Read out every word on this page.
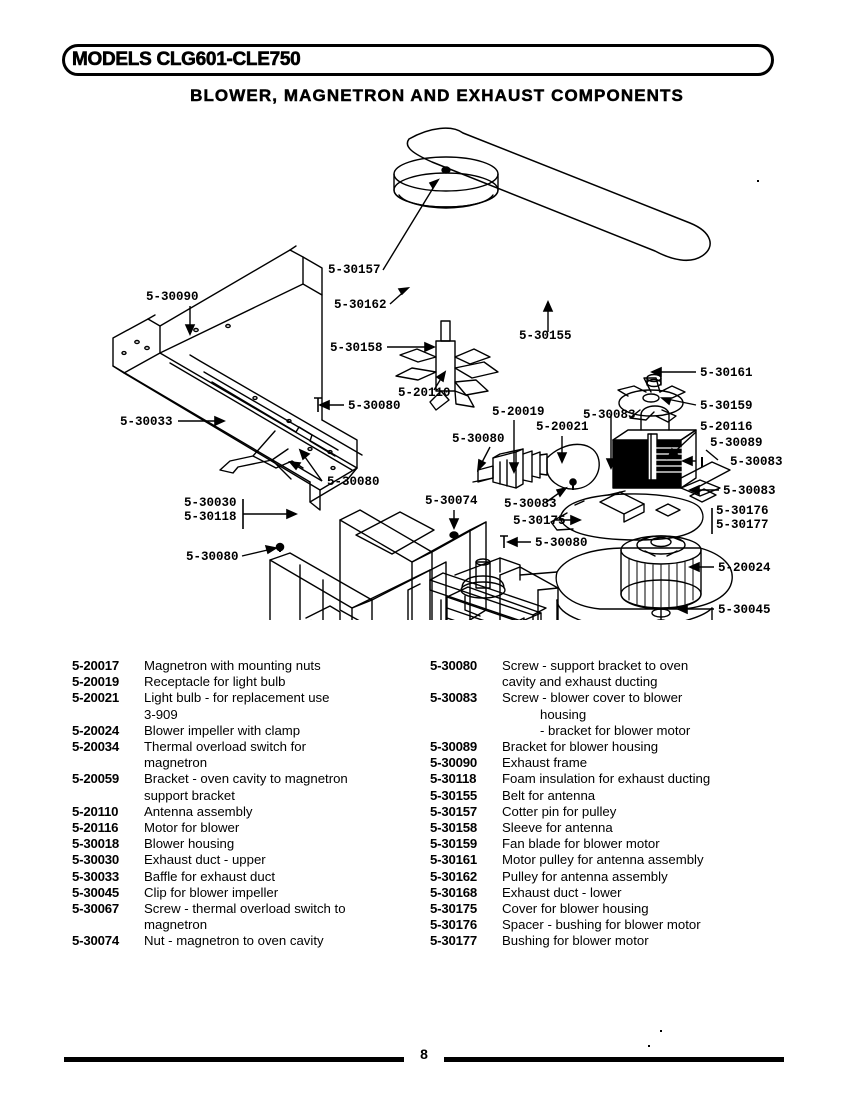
MODELS CLG601-CLE750
BLOWER, MAGNETRON AND EXHAUST COMPONENTS
5-30157
5-30162
5-30155
5-30158
5-20110
5-30090
5-30033
5-30080
5-30080
5-30030
5-30118
5-30080
5-20019
5-20021
5-30080
5-30074 5-30083
5-30175
5-30080
5-30083
5-30161
5-30159
5-20116
5-30089
5-30083
5-30083
5-30176
5-30177
5-20024
5-30045
5-20017	Magnetron with mounting nuts
5-20019	Receptacle for light bulb
5-20021	Light bulb - for replacement use
3-909
5-20024	Blower impeller with clamp
5-20034	Thermal overload switch for
magnetron
5-20059	Bracket - oven cavity to magnetron
support bracket
5-20110	Antenna assembly
5-20116	Motor for blower
5-30018	Blower housing
5-30030	Exhaust duct - upper
5-30033	Baffle for exhaust duct
5-30045	Clip for blower impeller
5-30067	Screw - thermal overload switch to
magnetron
5-30074	Nut - magnetron to oven cavity
5-30080	Screw - support bracket to oven
cavity and exhaust ducting
5-30083	Screw - blower cover to blower
housing
- bracket for blower motor
5-30089	Bracket for blower housing
5-30090	Exhaust frame
5-30118	Foam insulation for exhaust ducting
5-30155	Belt for antenna
5-30157	Cotter pin for pulley
5-30158	Sleeve for antenna
5-30159	Fan blade for blower motor
5-30161	Motor pulley for antenna assembly
5-30162	Pulley for antenna assembly
5-30168	Exhaust duct - lower
5-30175	Cover for blower housing
5-30176	Spacer - bushing for blower motor
5-30177	Bushing for blower motor
8
